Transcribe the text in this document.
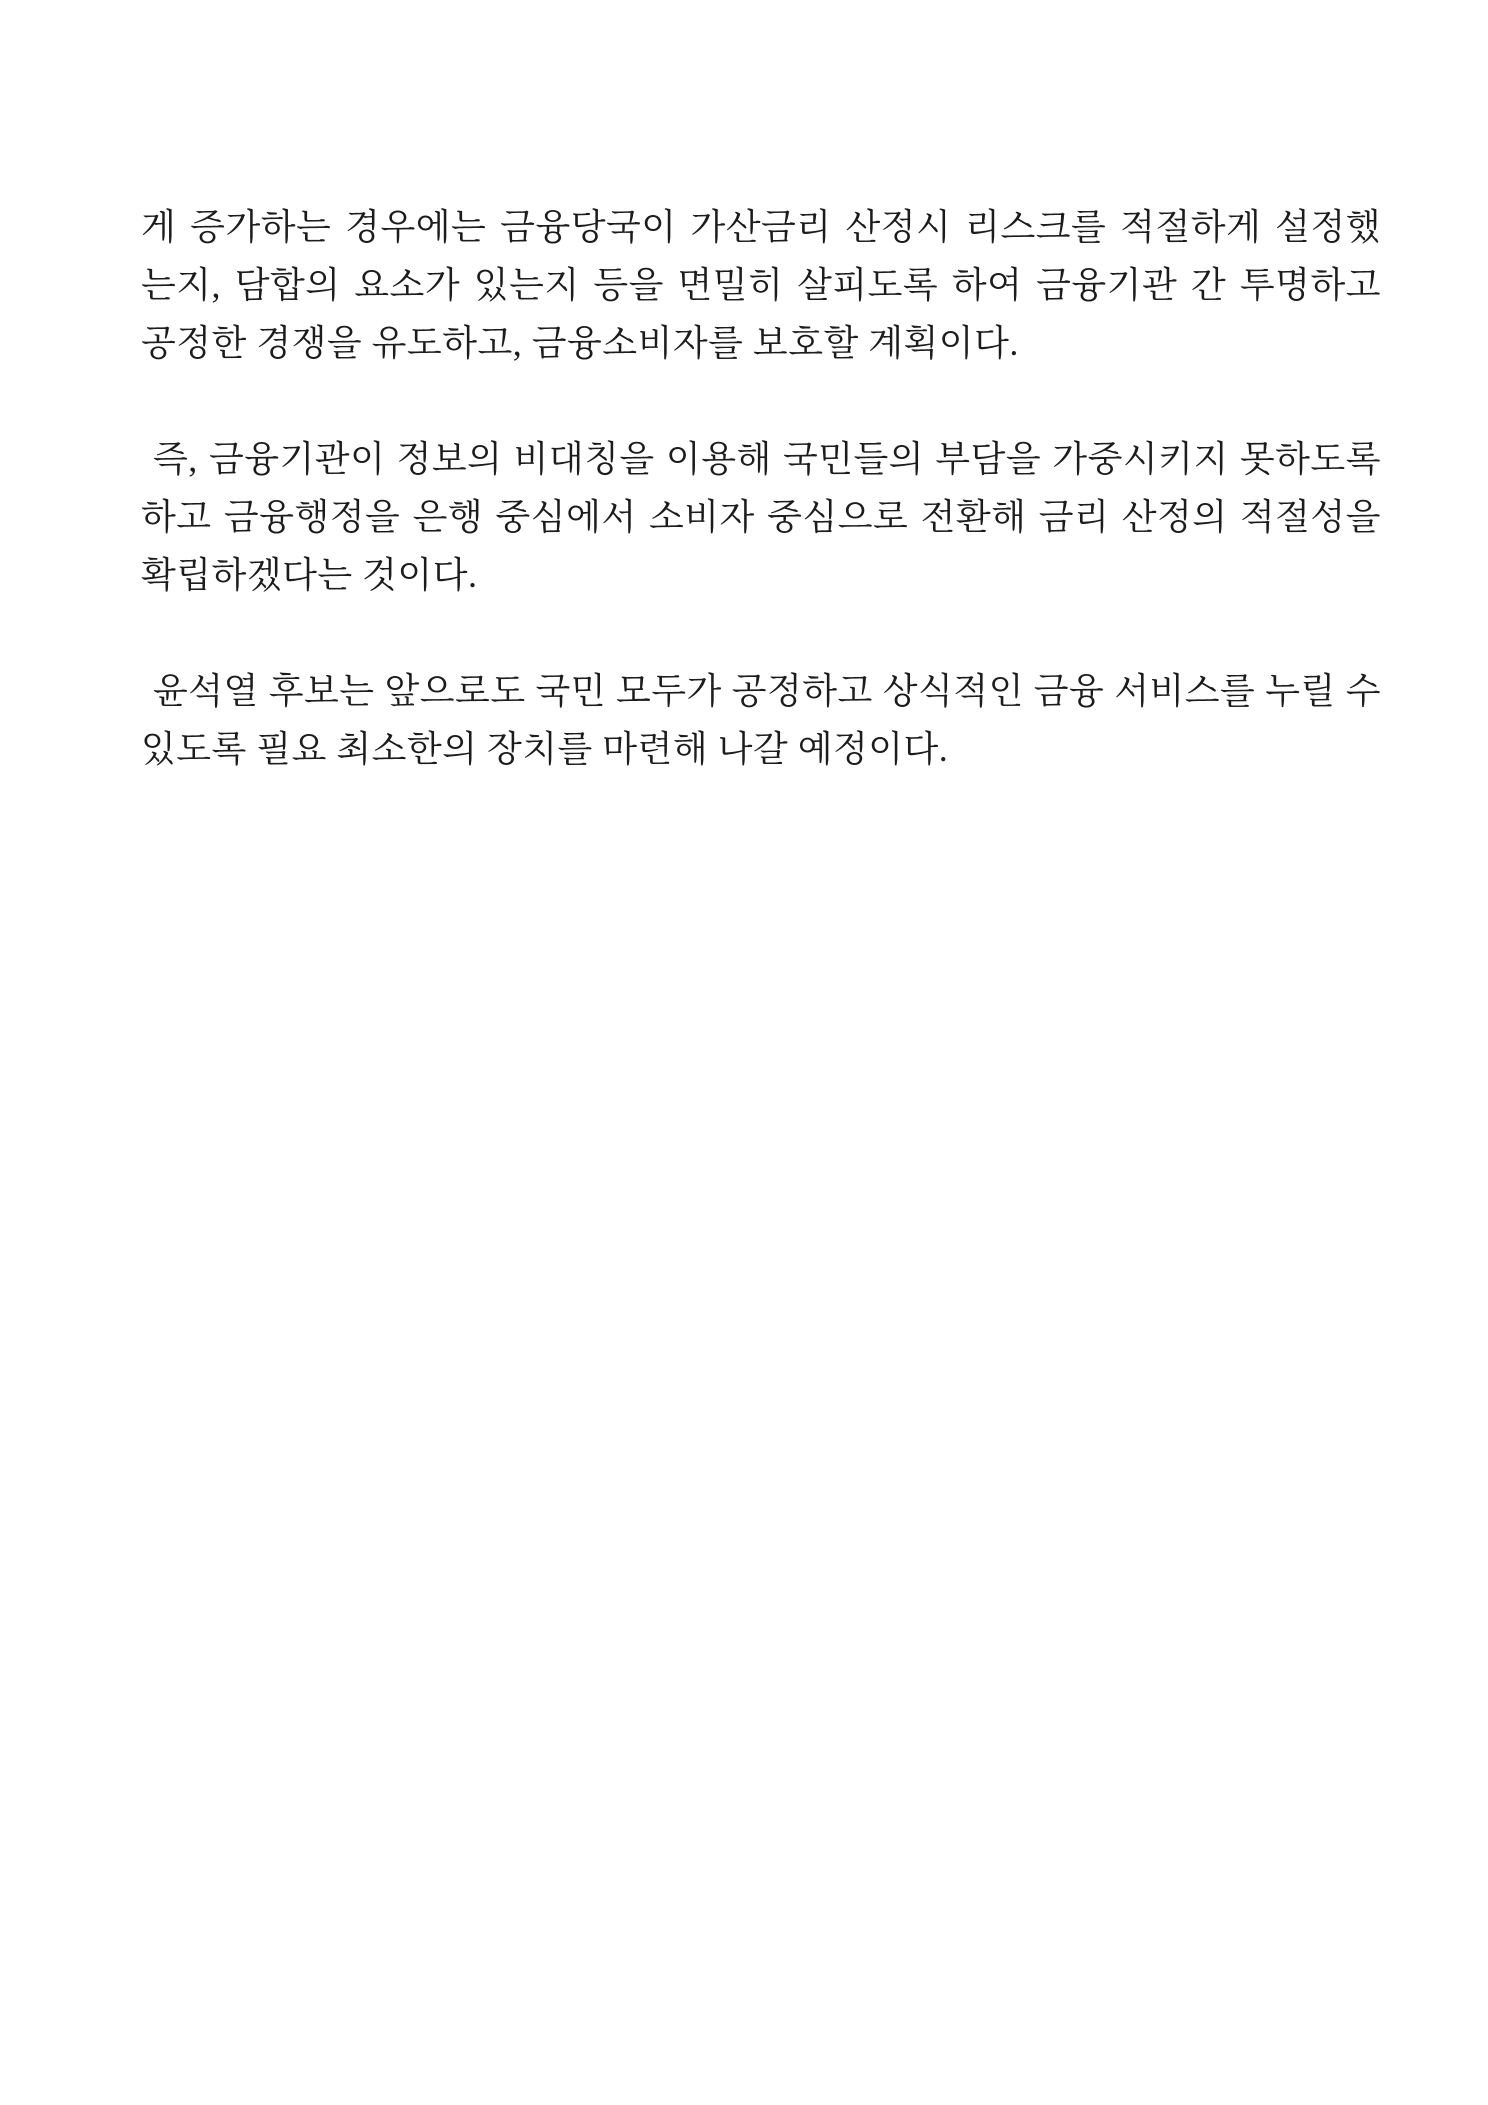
게 증가하는 경우에는 금융당국이 가산금리 산정시 리스크를 적절하게 설정했는지, 담합의 요소가 있는지 등을 면밀히 살피도록 하여 금융기관 간 투명하고 공정한 경쟁을 유도하고, 금융소비자를 보호할 계획이다.

즉, 금융기관이 정보의 비대칭을 이용해 국민들의 부담을 가중시키지 못하도록 하고 금융행정을 은행 중심에서 소비자 중심으로 전환해 금리 산정의 적절성을 확립하겠다는 것이다.

윤석열 후보는 앞으로도 국민 모두가 공정하고 상식적인 금융 서비스를 누릴 수 있도록 필요 최소한의 장치를 마련해 나갈 예정이다.
